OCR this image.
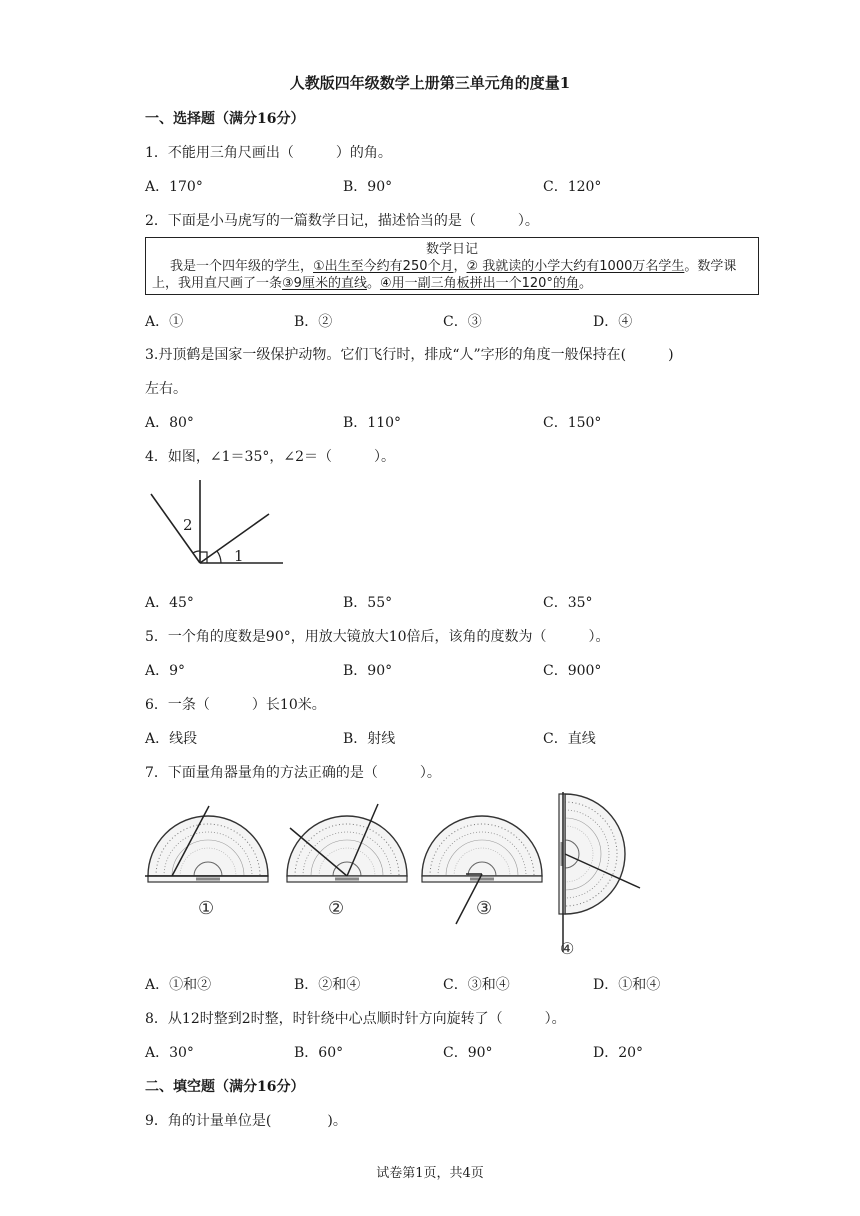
人教版四年级数学上册第三单元角的度量1
一、选择题（满分16分）
1．不能用三角尺画出（　　　）的角。
A．170°	B．90°	C．120°
2．下面是小马虎写的一篇数学日记，描述恰当的是（　　　）。
数学日记
我是一个四年级的学生，①出生至今约有250个月，② 我就读的小学大约有1000万名学生。数学课
上，我用直尺画了一条③9厘米的直线。④用一副三角板拼出一个120°的角。
A．①	B．②	C．③	D．④
3.丹顶鹤是国家一级保护动物。它们飞行时，排成“人”字形的角度一般保持在(　　　)
左右。
A．80°	B．110°	C．150°
4．如图，∠1＝35°，∠2＝（　　　）。
1
2
A．45°	B．55°	C．35°
5．一个角的度数是90°，用放大镜放大10倍后，该角的度数为（　　　）。
A．9°	B．90°	C．900°
6．一条（　　　）长10米。
A．线段	B．射线	C．直线
7．下面量角器量角的方法正确的是（　　　）。
①	②	③
④
A．①和②	B．②和④	C．③和④	D．①和④
8．从12时整到2时整，时针绕中心点顺时针方向旋转了（　　　）。
A．30°	B．60°	C．90°	D．20°
二、填空题（满分16分）
9．角的计量单位是(　　　　)。
试卷第1页，共4页
